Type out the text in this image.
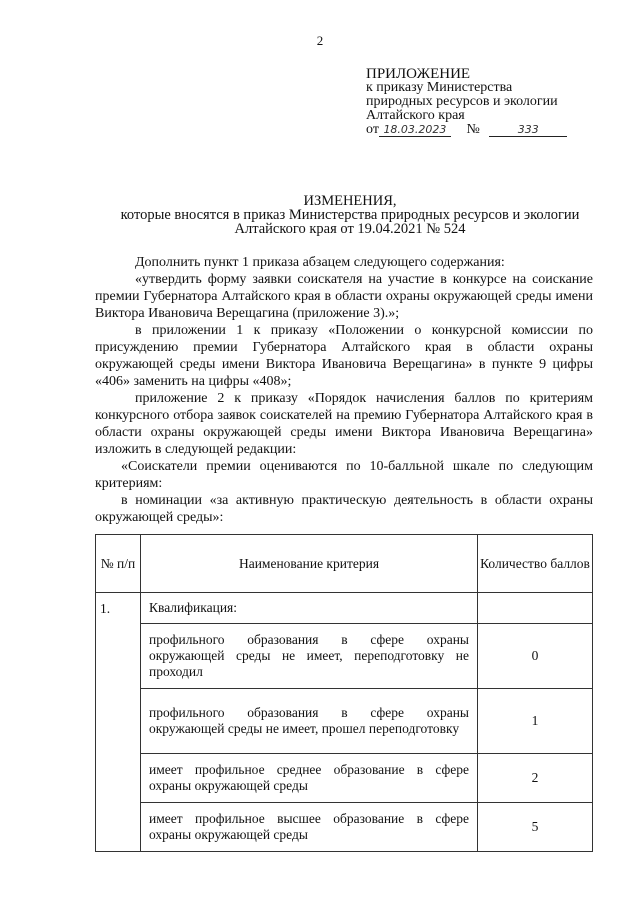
2
ПРИЛОЖЕНИЕ
к приказу Министерства
природных ресурсов и экологии
Алтайского края
от 18.03.2023 №	333
ИЗМЕНЕНИЯ,
которые вносятся в приказ Министерства природных ресурсов и экологии
Алтайского края от 19.04.2021 № 524

Дополнить пункт 1 приказа абзацем следующего содержания:

«утвердить форму заявки соискателя на участие в конкурсе на соискание премии Губернатора Алтайского края в области охраны окружающей среды имени Виктора Ивановича Верещагина (приложение 3).»;

в приложении 1 к приказу «Положении о конкурсной комиссии по присуждению премии Губернатора Алтайского края в области охраны окружающей среды имени Виктора Ивановича Верещагина» в пункте 9 цифры «406» заменить на цифры «408»;

приложение 2 к приказу «Порядок начисления баллов по критериям конкурсного отбора заявок соискателей на премию Губернатора Алтайского края в области охраны окружающей среды имени Виктора Ивановича Верещагина» изложить в следующей редакции:

«Соискатели премии оцениваются по 10-балльной шкале по следующим критериям:

в номинации «за активную практическую деятельность в области охраны окружающей среды»:

№ п/п	Наименование критерия	Количество баллов
1.	Квалификация:	
	профильного образования в сфере охраны окружающей среды не имеет, переподготовку не проходил	0
	профильного образования в сфере охраны окружающей среды не имеет, прошел переподготовку	1
	имеет профильное среднее образование в сфере охраны окружающей среды	2
	имеет профильное высшее образование в сфере охраны окружающей среды	5
